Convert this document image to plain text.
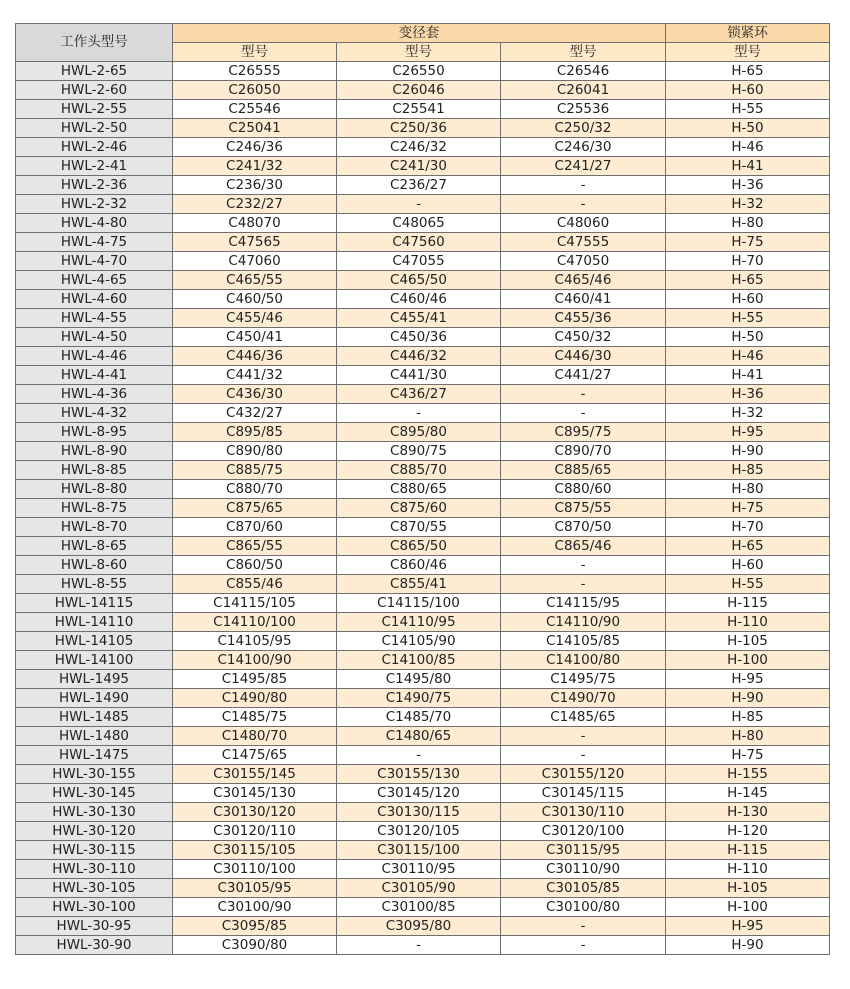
工作头型号	变径套			锁紧环
	型号	型号	型号	型号
HWL-2-65	C26555	C26550	C26546	H-65
HWL-2-60	C26050	C26046	C26041	H-60
HWL-2-55	C25546	C25541	C25536	H-55
HWL-2-50	C25041	C250/36	C250/32	H-50
HWL-2-46	C246/36	C246/32	C246/30	H-46
HWL-2-41	C241/32	C241/30	C241/27	H-41
HWL-2-36	C236/30	C236/27	-	H-36
HWL-2-32	C232/27	-	-	H-32
HWL-4-80	C48070	C48065	C48060	H-80
HWL-4-75	C47565	C47560	C47555	H-75
HWL-4-70	C47060	C47055	C47050	H-70
HWL-4-65	C465/55	C465/50	C465/46	H-65
HWL-4-60	C460/50	C460/46	C460/41	H-60
HWL-4-55	C455/46	C455/41	C455/36	H-55
HWL-4-50	C450/41	C450/36	C450/32	H-50
HWL-4-46	C446/36	C446/32	C446/30	H-46
HWL-4-41	C441/32	C441/30	C441/27	H-41
HWL-4-36	C436/30	C436/27	-	H-36
HWL-4-32	C432/27	-	-	H-32
HWL-8-95	C895/85	C895/80	C895/75	H-95
HWL-8-90	C890/80	C890/75	C890/70	H-90
HWL-8-85	C885/75	C885/70	C885/65	H-85
HWL-8-80	C880/70	C880/65	C880/60	H-80
HWL-8-75	C875/65	C875/60	C875/55	H-75
HWL-8-70	C870/60	C870/55	C870/50	H-70
HWL-8-65	C865/55	C865/50	C865/46	H-65
HWL-8-60	C860/50	C860/46	-	H-60
HWL-8-55	C855/46	C855/41	-	H-55
HWL-14115	C14115/105	C14115/100	C14115/95	H-115
HWL-14110	C14110/100	C14110/95	C14110/90	H-110
HWL-14105	C14105/95	C14105/90	C14105/85	H-105
HWL-14100	C14100/90	C14100/85	C14100/80	H-100
HWL-1495	C1495/85	C1495/80	C1495/75	H-95
HWL-1490	C1490/80	C1490/75	C1490/70	H-90
HWL-1485	C1485/75	C1485/70	C1485/65	H-85
HWL-1480	C1480/70	C1480/65	-	H-80
HWL-1475	C1475/65	-	-	H-75
HWL-30-155	C30155/145	C30155/130	C30155/120	H-155
HWL-30-145	C30145/130	C30145/120	C30145/115	H-145
HWL-30-130	C30130/120	C30130/115	C30130/110	H-130
HWL-30-120	C30120/110	C30120/105	C30120/100	H-120
HWL-30-115	C30115/105	C30115/100	C30115/95	H-115
HWL-30-110	C30110/100	C30110/95	C30110/90	H-110
HWL-30-105	C30105/95	C30105/90	C30105/85	H-105
HWL-30-100	C30100/90	C30100/85	C30100/80	H-100
HWL-30-95	C3095/85	C3095/80	-	H-95
HWL-30-90	C3090/80	-	-	H-90
